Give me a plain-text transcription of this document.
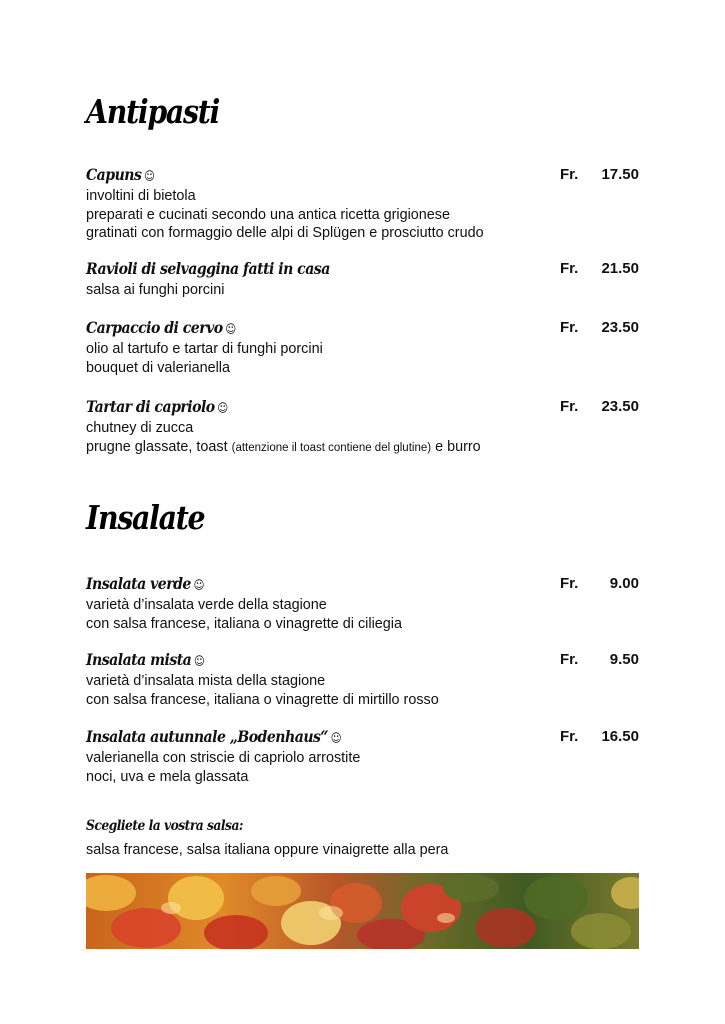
Antipasti
Capuns ☺	Fr. 17.50
involtini di bietola
preparati e cucinati secondo una antica ricetta grigionese
gratinati con formaggio delle alpi di Splügen e prosciutto crudo
Ravioli di selvaggina fatti in casa	Fr. 21.50
salsa ai funghi porcini
Carpaccio di cervo ☺	Fr. 23.50
olio al tartufo e tartar di funghi porcini
bouquet di valerianella
Tartar di capriolo ☺	Fr. 23.50
chutney di zucca
prugne glassate, toast (attenzione il toast contiene del glutine) e burro
Insalate
Insalata verde ☺	Fr. 9.00
varietà d’insalata verde della stagione
con salsa francese, italiana o vinagrette di ciliegia
Insalata mista ☺	Fr. 9.50
varietà d’insalata mista della stagione
con salsa francese, italiana o vinagrette di mirtillo rosso
Insalata autunnale „Bodenhaus“ ☺	Fr. 16.50
valerianella con striscie di capriolo arrostite
noci, uva e mela glassata
Scegliete la vostra salsa:
salsa francese, salsa italiana oppure vinaigrette alla pera
